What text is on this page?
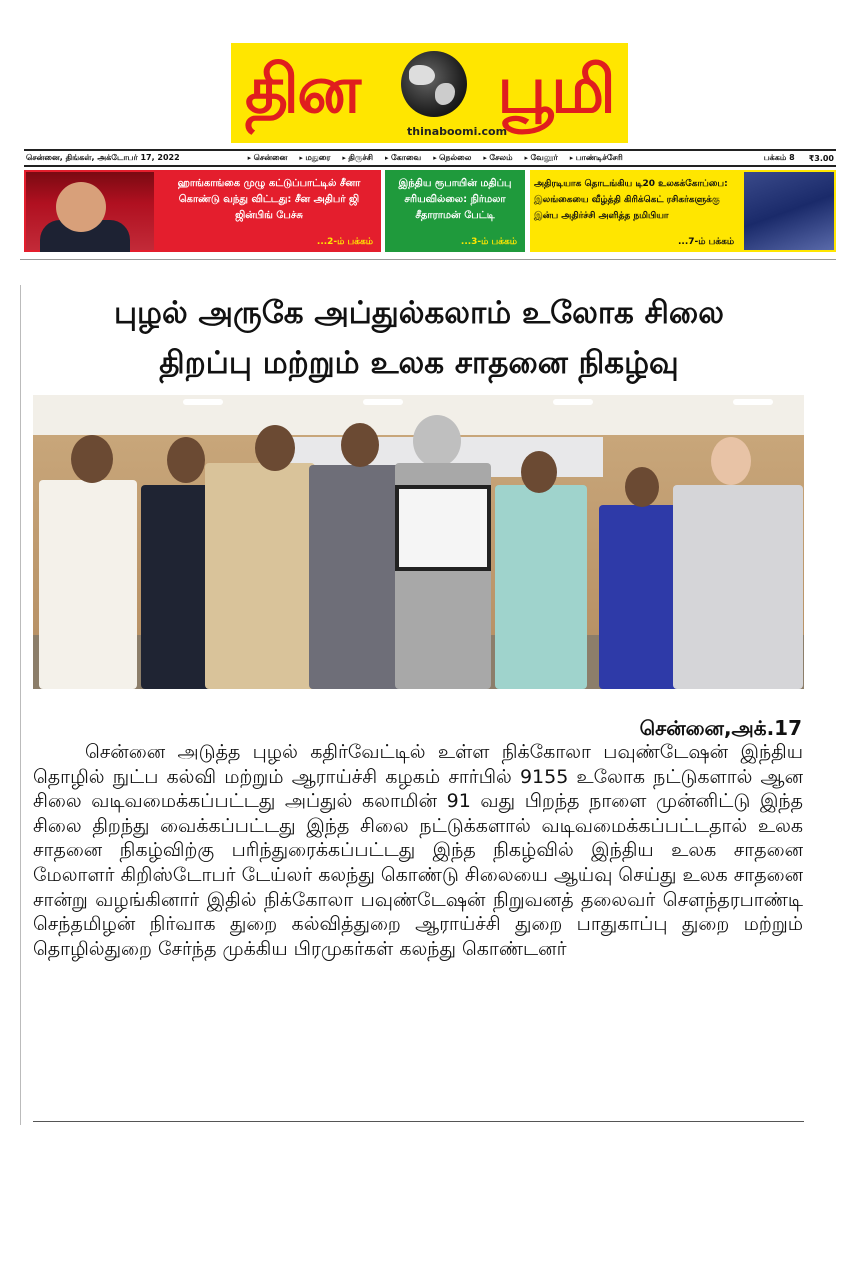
தின பூமி
thinaboomi.com
சென்னை, திங்கள், அக்டோபர் 17, 2022	▸ சென்னை	▸ மதுரை	▸ திருச்சி	▸ கோவை	▸ நெல்லை	▸ சேலம்	▸ வேலூர்	▸ பாண்டிச்சேரி	பக்கம் 8 ₹3.00
ஹாங்காங்கை முழு கட்டுப்பாட்டில் சீனா கொண்டு வந்து விட்டது: சீன அதிபர் ஜி ஜின்பிங் பேச்சு
...2-ம் பக்கம்
இந்திய ரூபாயின் மதிப்பு சரியவில்லை: நிர்மலா சீதாராமன் பேட்டி
...3-ம் பக்கம்
அதிரடியாக தொடங்கிய டி20 உலகக்கோப்பை: இலங்கையை வீழ்த்தி கிரிக்கெட் ரசிகர்களுக்கு இன்ப அதிர்ச்சி அளித்த நமிபியா
...7-ம் பக்கம்
புழல் அருகே அப்துல்கலாம் உலோக சிலை
திறப்பு மற்றும் உலக சாதனை நிகழ்வு
சென்னை,அக்.17
சென்னை அடுத்த புழல் கதிர்வேட்டில் உள்ள நிக்கோலா பவுண்டேஷன் இந்திய தொழில் நுட்ப கல்வி மற்றும் ஆராய்ச்சி கழகம் சார்பில் 9155 உலோக நட்டுகளால் ஆன சிலை வடிவமைக்கப்பட்டது அப்துல் கலாமின் 91 வது பிறந்த நாளை முன்னிட்டு இந்த சிலை திறந்து வைக்கப்பட்டது இந்த சிலை நட்டுக்களால் வடிவமைக்கப்பட்டதால் உலக சாதனை நிகழ்விற்கு பரிந்துரைக்கப்பட்டது இந்த நிகழ்வில் இந்திய உலக சாதனை மேலாளர் கிறிஸ்டோபர் டேய்லர் கலந்து கொண்டு சிலையை ஆய்வு செய்து உலக சாதனை சான்று வழங்கினார் இதில் நிக்கோலா பவுண்டேஷன் நிறுவனத் தலைவர் சௌந்தரபாண்டி செந்தமிழன் நிர்வாக துறை கல்வித்துறை ஆராய்ச்சி துறை பாதுகாப்பு துறை மற்றும் தொழில்துறை சேர்ந்த முக்கிய பிரமுகர்கள் கலந்து கொண்டனர்
